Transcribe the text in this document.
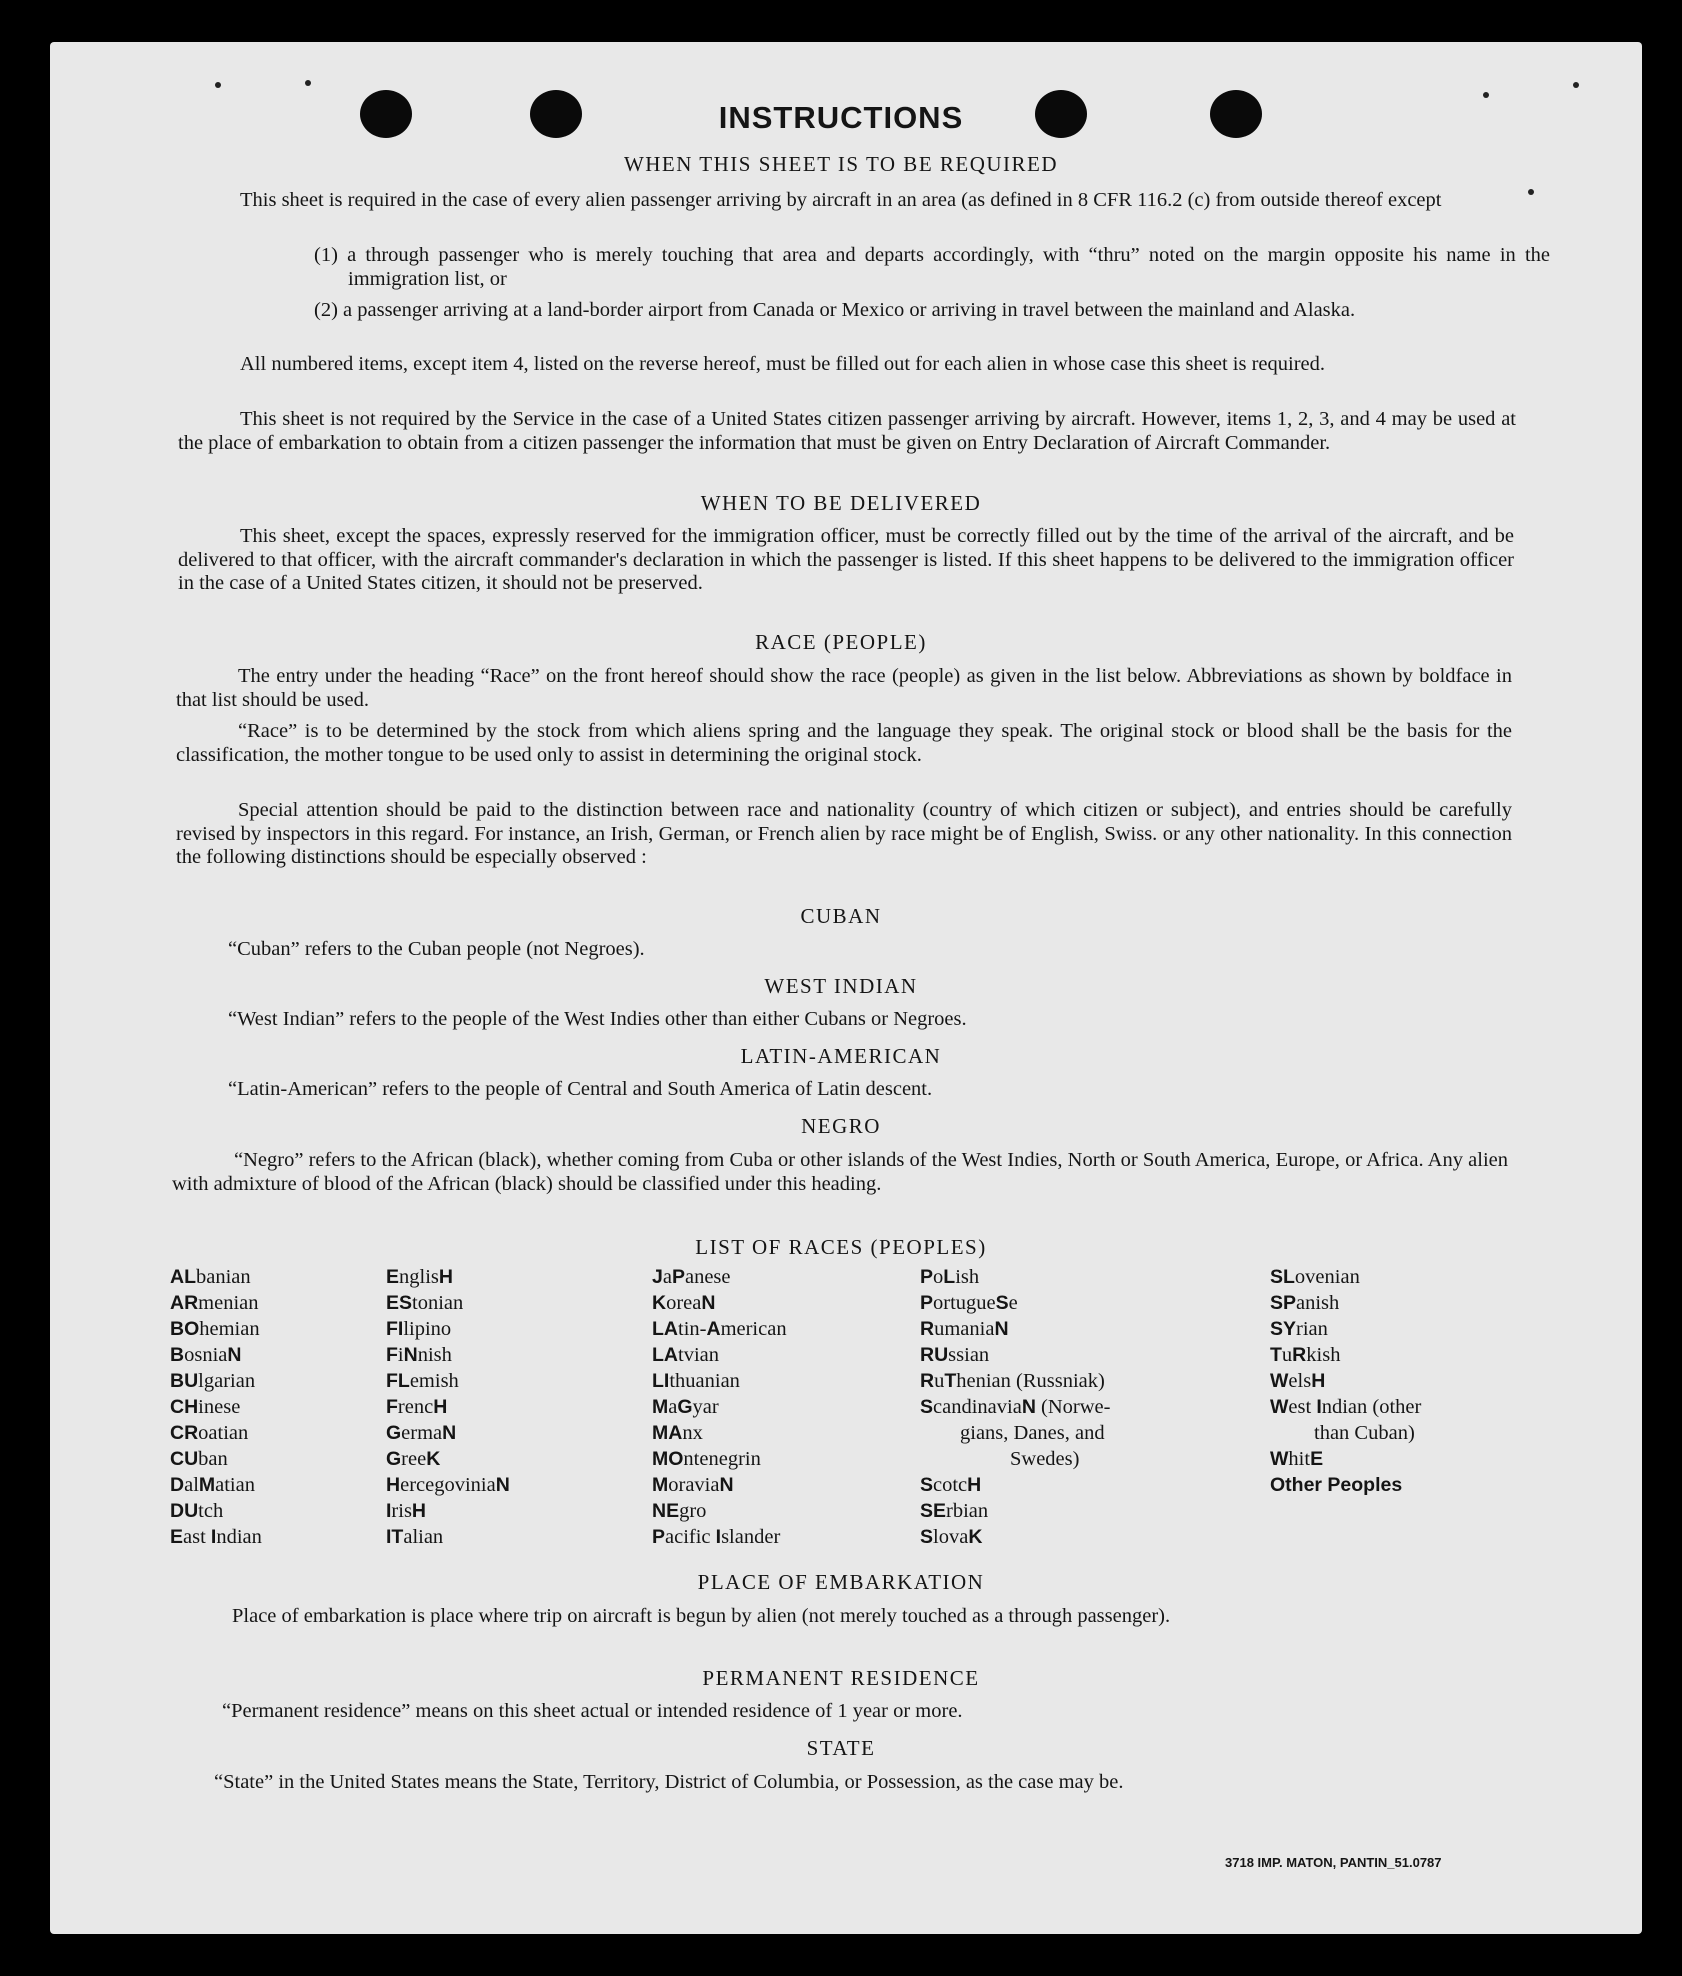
INSTRUCTIONS
WHEN THIS SHEET IS TO BE REQUIRED
This sheet is required in the case of every alien passenger arriving by aircraft in an area (as defined in 8 CFR 116.2 (c) from outside thereof except
(1) a through passenger who is merely touching that area and departs accordingly, with “thru” noted on the margin opposite his name in the immigration list, or
(2) a passenger arriving at a land-border airport from Canada or Mexico or arriving in travel between the mainland and Alaska.
All numbered items, except item 4, listed on the reverse hereof, must be filled out for each alien in whose case this sheet is required.
This sheet is not required by the Service in the case of a United States citizen passenger arriving by aircraft. However, items 1, 2, 3, and 4 may be used at the place of embarkation to obtain from a citizen passenger the information that must be given on Entry Declaration of Aircraft Commander.
WHEN TO BE DELIVERED
This sheet, except the spaces, expressly reserved for the immigration officer, must be correctly filled out by the time of the arrival of the aircraft, and be delivered to that officer, with the aircraft commander's declaration in which the passenger is listed. If this sheet happens to be delivered to the immigration officer in the case of a United States citizen, it should not be preserved.
RACE (PEOPLE)
The entry under the heading “Race” on the front hereof should show the race (people) as given in the list below. Abbreviations as shown by boldface in that list should be used.
“Race” is to be determined by the stock from which aliens spring and the language they speak. The original stock or blood shall be the basis for the classification, the mother tongue to be used only to assist in determining the original stock.
Special attention should be paid to the distinction between race and nationality (country of which citizen or subject), and entries should be carefully revised by inspectors in this regard. For instance, an Irish, German, or French alien by race might be of English, Swiss. or any other nationality. In this connection the following distinctions should be especially observed :
CUBAN
“Cuban” refers to the Cuban people (not Negroes).
WEST INDIAN
“West Indian” refers to the people of the West Indies other than either Cubans or Negroes.
LATIN-AMERICAN
“Latin-American” refers to the people of Central and South America of Latin descent.
NEGRO
“Negro” refers to the African (black), whether coming from Cuba or other islands of the West Indies, North or South America, Europe, or Africa. Any alien with admixture of blood of the African (black) should be classified under this heading.
LIST OF RACES (PEOPLES)
ALbanian
ARmenian
BOhemian
BosniaN
BUlgarian
CHinese
CRoatian
CUban
DalMatian
DUtch
East Indian
EnglisH
EStonian
FIlipino
FiNnish
FLemish
FrencH
GermaN
GreeK
HercegoviniaN
IrisH
ITalian
JaPanese
KoreaN
LAtin-American
LAtvian
LIthuanian
MaGyar
MAnx
MOntenegrin
MoraviaN
NEgro
Pacific Islander
PoLish
PortugueSe
RumaniaN
RUssian
RuThenian (Russniak)
ScandinaviaN (Norwe-
gians, Danes, and
Swedes)
ScotcH
SErbian
SlovaK
SLovenian
SPanish
SYrian
TuRkish
WelsH
West Indian (other
than Cuban)
WhitE
Other Peoples
PLACE OF EMBARKATION
Place of embarkation is place where trip on aircraft is begun by alien (not merely touched as a through passenger).
PERMANENT RESIDENCE
“Permanent residence” means on this sheet actual or intended residence of 1 year or more.
STATE
“State” in the United States means the State, Territory, District of Columbia, or Possession, as the case may be.
3718 IMP. MATON, PANTIN_51.0787
